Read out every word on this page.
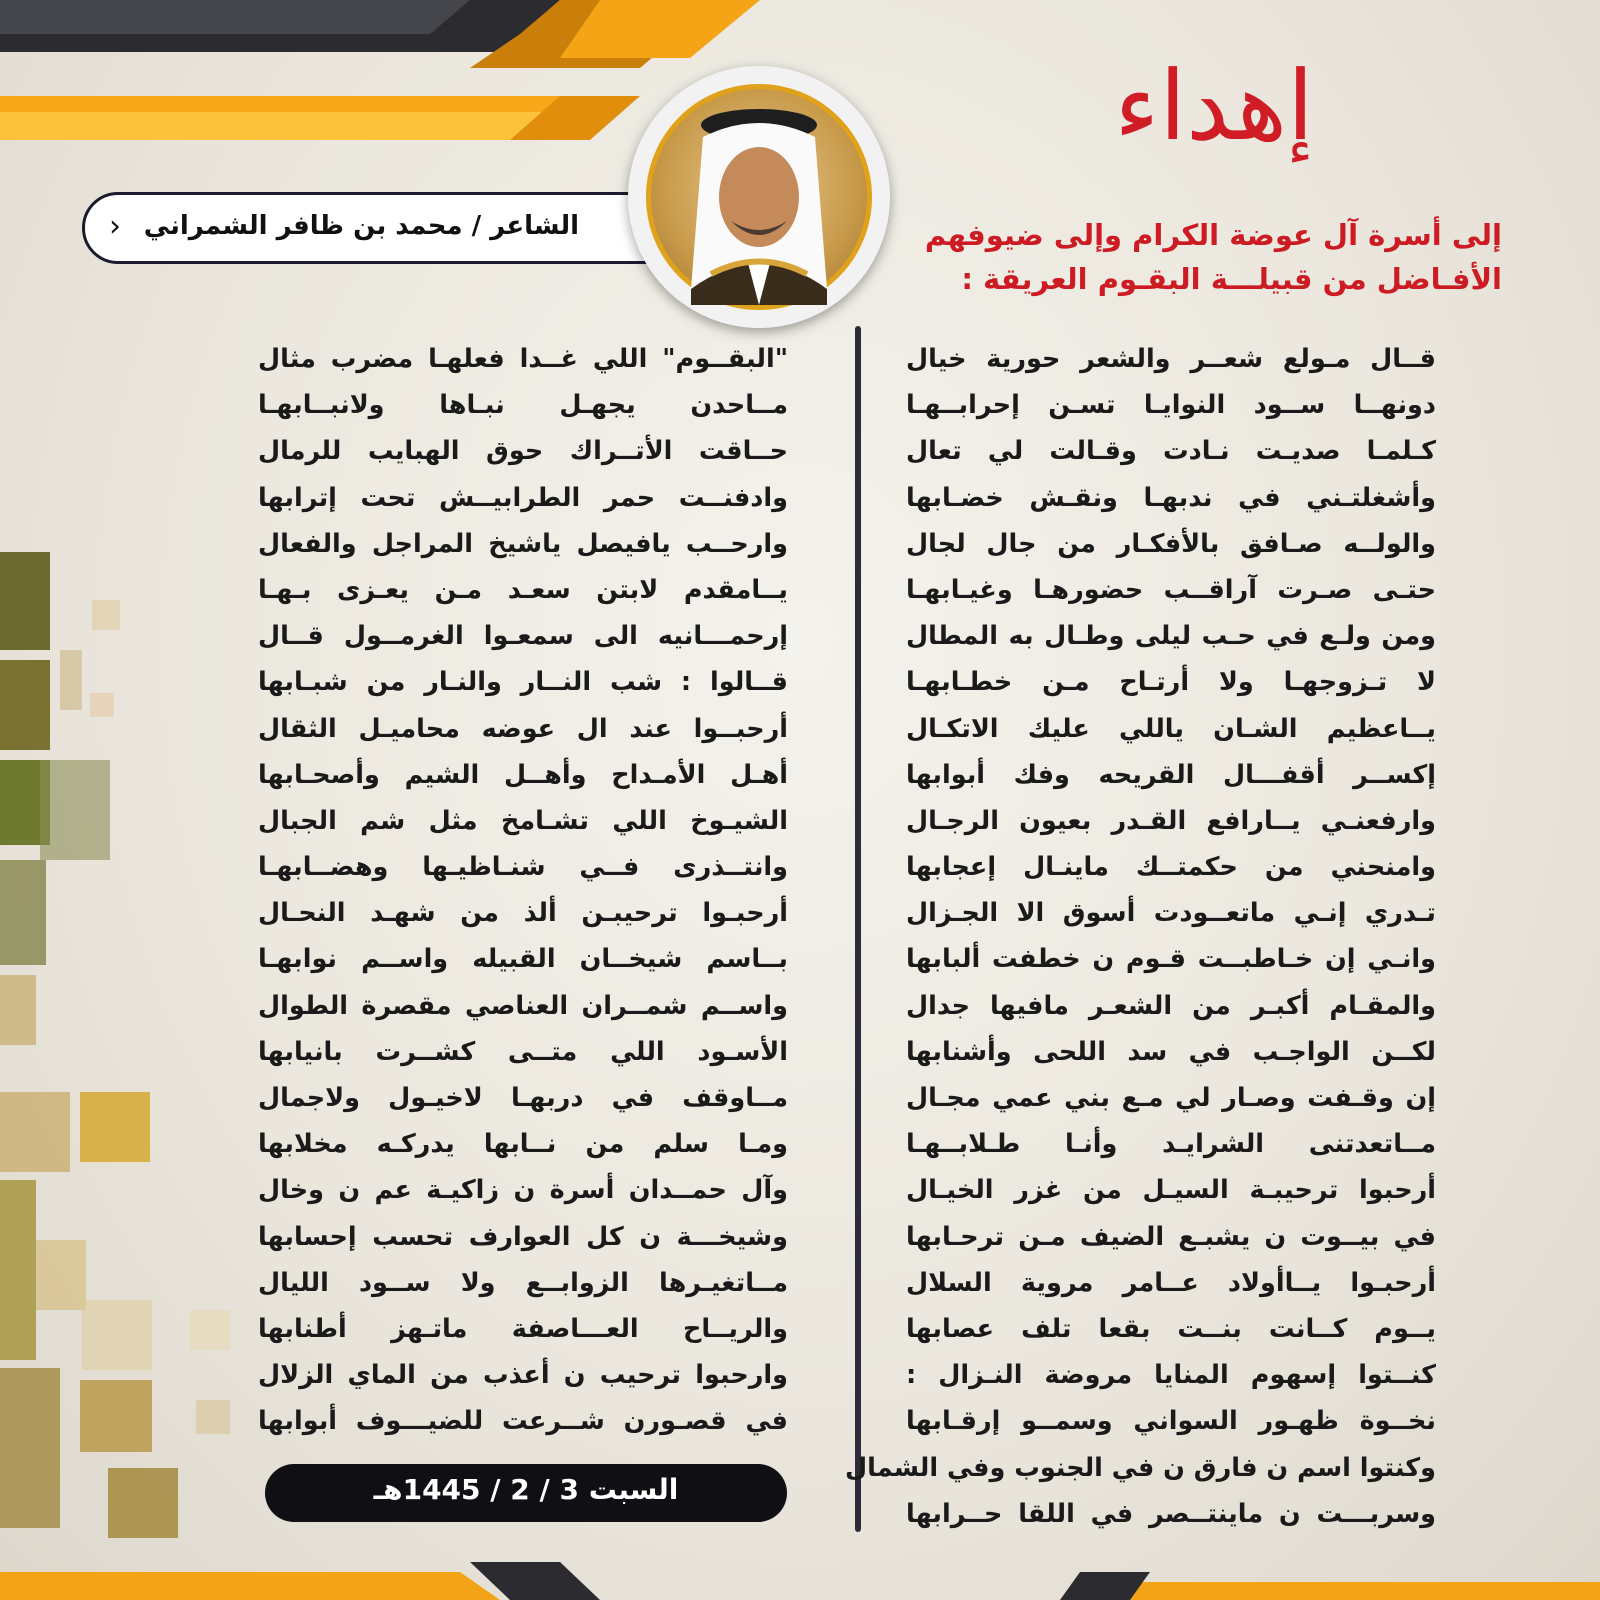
إهداء
إلى أسرة آل عوضة الكرام وإلى ضيوفهم
الأفـاضل من قبيلـــة البقـوم العريقة :
الشاعر / محمد بن ظافر الشمراني
›
قــال مـولع شعــر والشعر حورية خيال
دونهــا ســود النوايـا تسـن إحرابــهـا
كـلمـا صديـت نـادت وقـالت لي تعال
وأشغلتـني في ندبهـا ونقـش خضـابها
والولــه صـافق بالأفكـار من جال لجال
حتـى صـرت آراقــب حضورهـا وغيـابهـا
ومن ولـع في حـب ليلى وطـال به المطال
لا تـزوجهـا ولا أرتـاح مـن خطـابهـا
يــاعظيم الشـان ياللي عليك الاتكـال
إكســر أقفـــال القريحه وفك أبوابها
وارفعنـي يــارافع القـدر بعيون الرجـال
وامنحني من حكمتــك ماينـال إعجابها
تـدري إنـي ماتعــودت أسوق الا الجـزال
وانـي إن خـاطبــت قـوم ن خطفت ألبابها
والمقـام أكبـر من الشعـر مافيها جدال
لكــن الواجـب في سد اللحى وأشنابها
إن وقـفت وصـار لي مـع بني عمي مجـال
مــاتعدتنى الشرايـد وأنـا طـلابــهـا
أرحبوا ترحيبـة السيـل من غزر الخيـال
في بيــوت ن يشبـع الضيف مـن ترحـابها
أرحبـوا يــاأولاد عــامر مروية السلال
يــوم كــانت بنــت بقعا تلف عصابها
كنــتوا إسهوم المنايا مروضة النـزال :
نخــوة ظهـور السواني وسمــو إرقـابها
وكنتوا اسم ن فارق ن في الجنوب وفي الشمال
وسربـــت ن ماينتــصر في اللقا حــرابها
"البقــوم" اللي غــدا فعلهـا مضرب مثال
مــاحدن يجهـل نبـاها ولانبــابهـا
حــاقت الأتــراك حوق الهبايب للرمال
وادفنــت حمر الطرابيــش تحت إترابها
وارحــب يافيصل ياشيخ المراجل والفعال
يــامقدم لابتن سعـد مـن يعـزى بـهـا
إرحمـــانيه الى سمعـوا الغرمــول قــال
قــالوا : شب النــار والنـار من شبـابها
أرحبــوا عند ال عوضه محاميـل الثقال
أهـل الأمـداح وأهــل الشيم وأصحـابها
الشيـوخ اللي تشـامخ مثل شم الجبال
وانتــذرى فــي شنـاظيـها وهضــابهـا
أرحبـوا ترحيبـن ألذ من شهـد النحـال
بــاسم شيخــان القبيله واســم نوابهـا
واســم شمــران العناصي مقصرة الطوال
الأسـود اللي متــى كشــرت بانيابها
مــاوقف في دربهـا لاخيـول ولاجمال
ومـا سلم من نــابها يدركـه مخلابها
وآل حمــدان أسرة ن زاكيـة عم ن وخال
وشيخـــة ن كل العوارف تحسب إحسابها
مــاتغيـرها الزوابــع ولا ســود الليال
والريــاح العـــاصفة ماتـهز أطنابها
وارحبوا ترحيب ن أعذب من الماي الزلال
في قصـورن شــرعت للضيـــوف أبوابها
السبت 3 / 2 / 1445هـ
